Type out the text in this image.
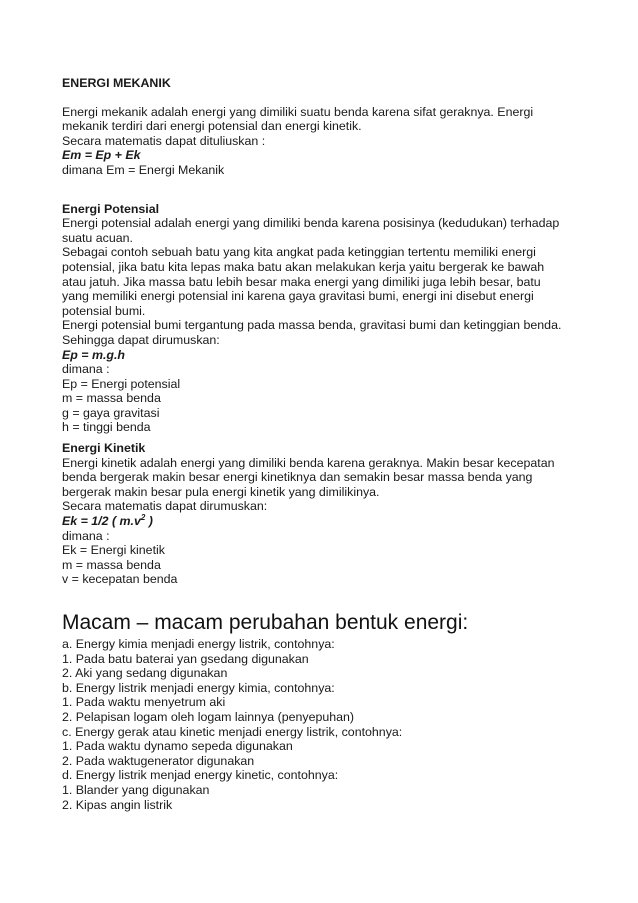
ENERGI MEKANIK
Energi mekanik adalah energi yang dimiliki suatu benda karena sifat geraknya. Energi
mekanik terdiri dari energi potensial dan energi kinetik.
Secara matematis dapat dituliuskan :
Em = Ep + Ek
dimana Em = Energi Mekanik
Energi Potensial
Energi potensial adalah energi yang dimiliki benda karena posisinya (kedudukan) terhadap
suatu acuan.
Sebagai contoh sebuah batu yang kita angkat pada ketinggian tertentu memiliki energi
potensial, jika batu kita lepas maka batu akan melakukan kerja yaitu bergerak ke bawah
atau jatuh. Jika massa batu lebih besar maka energi yang dimiliki juga lebih besar, batu
yang memiliki energi potensial ini karena gaya gravitasi bumi, energi ini disebut energi
potensial bumi.
Energi potensial bumi tergantung pada massa benda, gravitasi bumi dan ketinggian benda.
Sehingga dapat dirumuskan:
Ep = m.g.h
dimana :
Ep = Energi potensial
m = massa benda
g = gaya gravitasi
h = tinggi benda
Energi Kinetik
Energi kinetik adalah energi yang dimiliki benda karena geraknya. Makin besar kecepatan
benda bergerak makin besar energi kinetiknya dan semakin besar massa benda yang
bergerak makin besar pula energi kinetik yang dimilikinya.
Secara matematis dapat dirumuskan:
Ek = 1/2 ( $m.v^2$ )
dimana :
Ek = Energi kinetik
m = massa benda
v = kecepatan benda
Macam – macam perubahan bentuk energi:
a. Energy kimia menjadi energy listrik, contohnya:
1. Pada batu baterai yan gsedang digunakan
2. Aki yang sedang digunakan
b. Energy listrik menjadi energy kimia, contohnya:
1. Pada waktu menyetrum aki
2. Pelapisan logam oleh logam lainnya (penyepuhan)
c. Energy gerak atau kinetic menjadi energy listrik, contohnya:
1. Pada waktu dynamo sepeda digunakan
2. Pada waktugenerator digunakan
d. Energy listrik menjad energy kinetic, contohnya:
1. Blander yang digunakan
2. Kipas angin listrik
